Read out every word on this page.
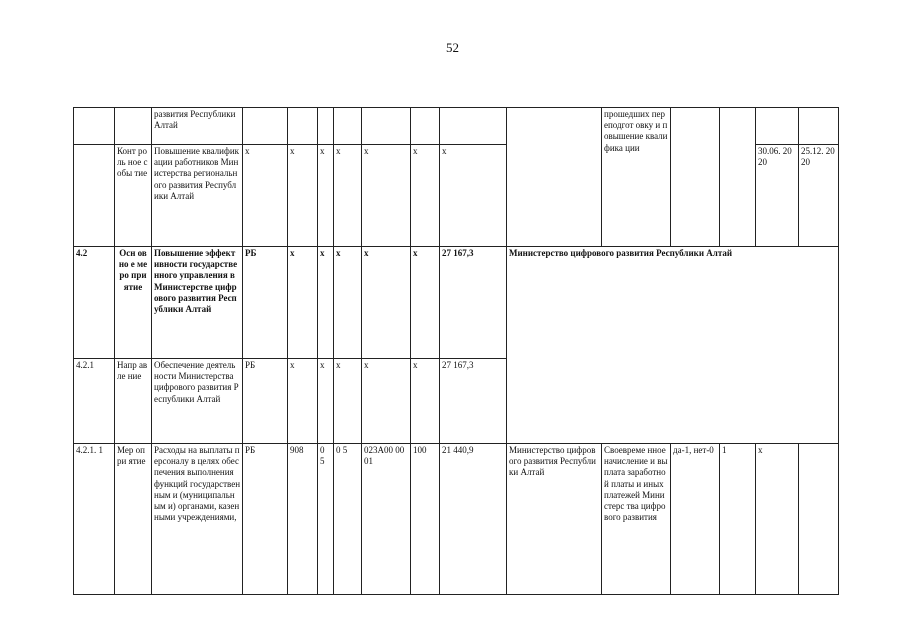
52
		развития Республики Алтай									прошедших переподгот овку и повышение квалифика ции				
	Конт роль ное собы тие	Повышение квалификации работников Министерства регионального развития Республики Алтай	х	х	х	х	х	х	х					30.06. 2020	25.12. 2020
4.2	Осн овно е меро при ятие	Повышение эффективности государственного управления в Министерстве цифрового развития Республики Алтай	РБ	х	х	х	х	х	27 167,3	Министерство цифрового развития Республики Алтай					
4.2.1	Напр авле ние	Обеспечение деятельности Министерства цифрового развития Республики Алтай	РБ	х	х	х	х	х	27 167,3						
4.2.1. 1	Мер опри ятие	Расходы на выплаты персоналу в целях обеспечения выполнения функций государственным и (муниципальным и) органами, казенными учреждениями,	РБ	908	0 5	0 5	023А00 0001	100	21 440,9	Министерство цифрового развития Республики Алтай	Своевреме нное начисление и выплата заработной платы и иных платежей Министерс тва цифрового развития	да-1, нет-0	1	х	
